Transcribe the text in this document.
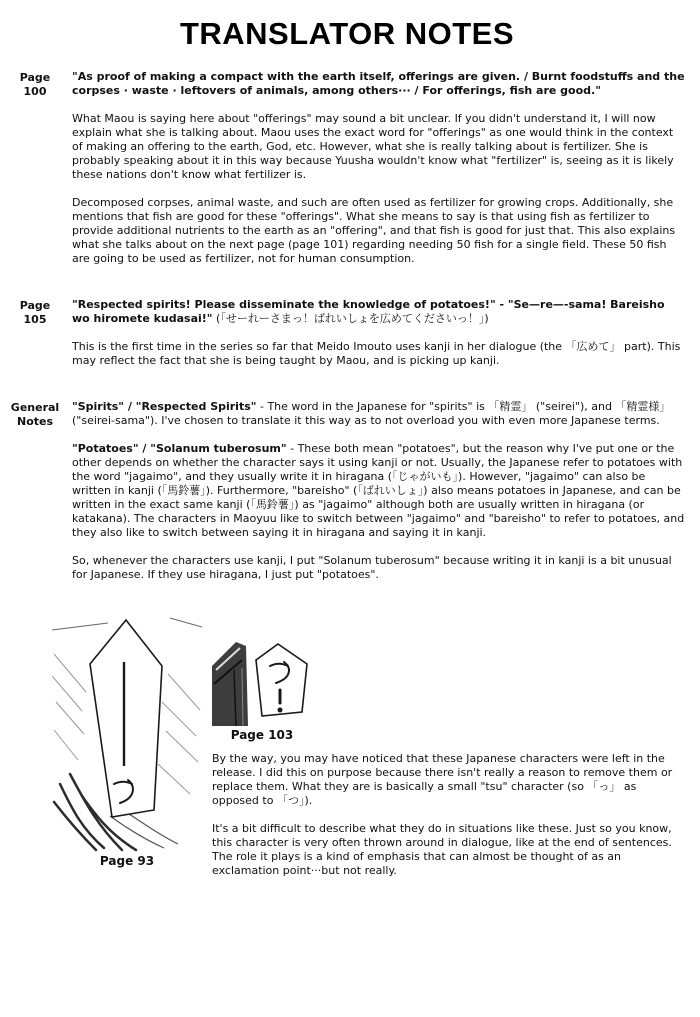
TRANSLATOR NOTES
Page
100

"As proof of making a compact with the earth itself, offerings are given. / Burnt foodstuffs and the corpses · waste · leftovers of animals, among others··· / For offerings, fish are good."

What Maou is saying here about "offerings" may sound a bit unclear. If you didn't understand it, I will now explain what she is talking about. Maou uses the exact word for "offerings" as one would think in the context of making an offering to the earth, God, etc. However, what she is really talking about is fertilizer. She is probably speaking about it in this way because Yuusha wouldn't know what "fertilizer" is, seeing as it is likely these nations don't know what fertilizer is.

Decomposed corpses, animal waste, and such are often used as fertilizer for growing crops. Additionally, she mentions that fish are good for these "offerings". What she means to say is that using fish as fertilizer to provide additional nutrients to the earth as an "offering", and that fish is good for just that. This also explains what she talks about on the next page (page 101) regarding needing 50 fish for a single field. These 50 fish are going to be used as fertilizer, not for human consumption.

Page
105

"Respected spirits! Please disseminate the knowledge of potatoes!" - "Se—re—-sama! Bareisho wo hiromete kudasai!" (「せーれーさまっ！ばれいしょを広めてくださいっ！」)

This is the first time in the series so far that Meido Imouto uses kanji in her dialogue (the 「広めて」 part). This may reflect the fact that she is being taught by Maou, and is picking up kanji.

General
Notes

"Spirits" / "Respected Spirits" - The word in the Japanese for "spirits" is 「精霊」 ("seirei"), and 「精霊様」 ("seirei-sama"). I've chosen to translate it this way as to not overload you with even more Japanese terms.

"Potatoes" / "Solanum tuberosum" - These both mean "potatoes", but the reason why I've put one or the other depends on whether the character says it using kanji or not. Usually, the Japanese refer to potatoes with the word "jagaimo", and they usually write it in hiragana (「じゃがいも」). However, "jagaimo" can also be written in kanji (「馬鈴薯」). Furthermore, "bareisho" (「ばれいしょ」) also means potatoes in Japanese, and can be written in the exact same kanji (「馬鈴薯」) as "jagaimo" although both are usually written in hiragana (or katakana). The characters in Maoyuu like to switch between "jagaimo" and "bareisho" to refer to potatoes, and they also like to switch between saying it in hiragana and saying it in kanji.

So, whenever the characters use kanji, I put "Solanum tuberosum" because writing it in kanji is a bit unusual for Japanese. If they use hiragana, I just put "potatoes".

Page 93
Page 103

By the way, you may have noticed that these Japanese characters were left in the release. I did this on purpose because there isn't really a reason to remove them or replace them. What they are is basically a small "tsu" character (so 「っ」 as opposed to 「つ」).

It's a bit difficult to describe what they do in situations like these. Just so you know, this character is very often thrown around in dialogue, like at the end of sentences. The role it plays is a kind of emphasis that can almost be thought of as an exclamation point···but not really.
